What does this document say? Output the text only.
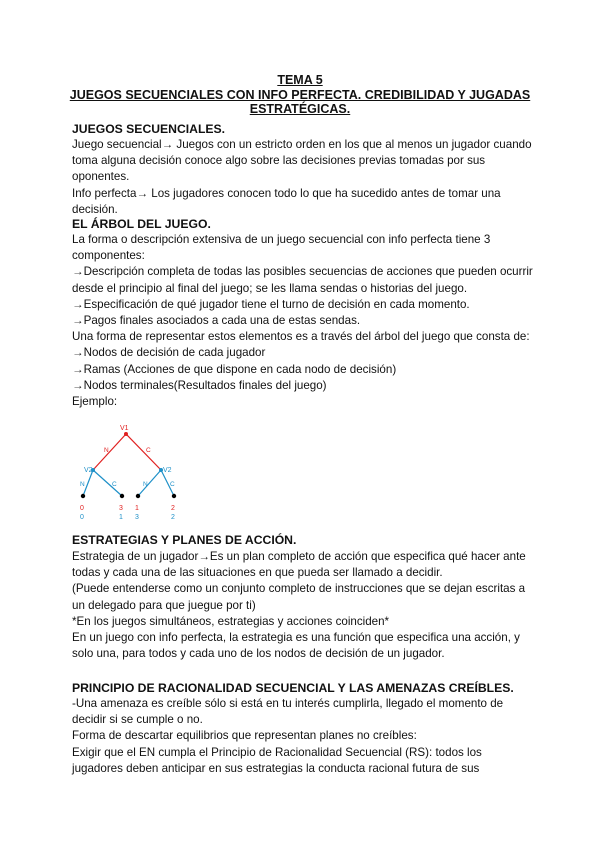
TEMA 5
JUEGOS SECUENCIALES CON INFO PERFECTA. CREDIBILIDAD Y JUGADAS ESTRATÉGICAS.
JUEGOS SECUENCIALES.

Juego secuencial→ Juegos con un estricto orden en los que al menos un jugador cuando toma alguna decisión conoce algo sobre las decisiones previas tomadas por sus oponentes.

Info perfecta→ Los jugadores conocen todo lo que ha sucedido antes de tomar una decisión.

EL ÁRBOL DEL JUEGO.

La forma o descripción extensiva de un juego secuencial con info perfecta tiene 3 componentes:

→Descripción completa de todas las posibles secuencias de acciones que pueden ocurrir desde el principio al final del juego; se les llama sendas o historias del juego.

→Especificación de qué jugador tiene el turno de decisión en cada momento.

→Pagos finales asociados a cada una de estas sendas.

Una forma de representar estos elementos es a través del árbol del juego que consta de:

→Nodos de decisión de cada jugador

→Ramas (Acciones de que dispone en cada nodo de decisión)

→Nodos terminales(Resultados finales del juego)

Ejemplo:

V1
V2	V2
N	C
N	C	N	C
0
0
3
1
1
3
2
2
ESTRATEGIAS Y PLANES DE ACCIÓN.

Estrategia de un jugador→Es un plan completo de acción que especifica qué hacer ante todas y cada una de las situaciones en que pueda ser llamado a decidir.

(Puede entenderse como un conjunto completo de instrucciones que se dejan escritas a un delegado para que juegue por ti)

*En los juegos simultáneos, estrategias y acciones coinciden*

En un juego con info perfecta, la estrategia es una función que especifica una acción, y solo una, para todos y cada uno de los nodos de decisión de un jugador.

PRINCIPIO DE RACIONALIDAD SECUENCIAL Y LAS AMENAZAS CREÍBLES.

-Una amenaza es creíble sólo si está en tu interés cumplirla, llegado el momento de decidir si se cumple o no.

Forma de descartar equilibrios que representan planes no creíbles:

Exigir que el EN cumpla el Principio de Racionalidad Secuencial (RS): todos los jugadores deben anticipar en sus estrategias la conducta racional futura de sus
